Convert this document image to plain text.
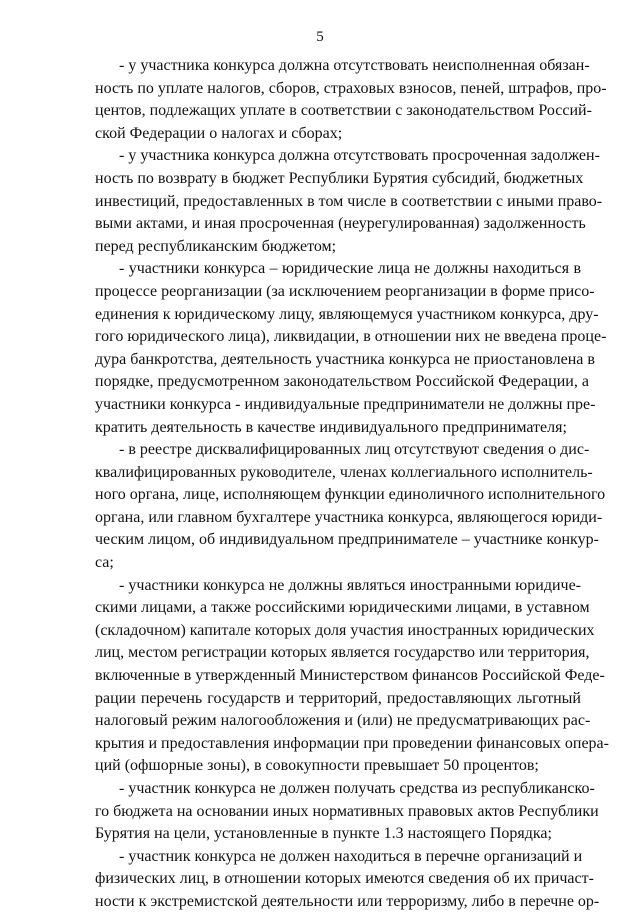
5
- у участника конкурса должна отсутствовать неисполненная обязан-
ность по уплате налогов, сборов, страховых взносов, пеней, штрафов, про-
центов, подлежащих уплате в соответствии с законодательством Россий-
ской Федерации о налогах и сборах;
- у участника конкурса должна отсутствовать просроченная задолжен-
ность по возврату в бюджет Республики Бурятия субсидий, бюджетных
инвестиций, предоставленных в том числе в соответствии с иными право-
выми актами, и иная просроченная (неурегулированная) задолженность
перед республиканским бюджетом;
- участники конкурса – юридические лица не должны находиться в
процессе реорганизации (за исключением реорганизации в форме присо-
единения к юридическому лицу, являющемуся участником конкурса, дру-
гого юридического лица), ликвидации, в отношении них не введена проце-
дура банкротства, деятельность участника конкурса не приостановлена в
порядке, предусмотренном законодательством Российской Федерации, а
участники конкурса - индивидуальные предприниматели не должны пре-
кратить деятельность в качестве индивидуального предпринимателя;
- в реестре дисквалифицированных лиц отсутствуют сведения о дис-
квалифицированных руководителе, членах коллегиального исполнитель-
ного органа, лице, исполняющем функции единоличного исполнительного
органа, или главном бухгалтере участника конкурса, являющегося юриди-
ческим лицом, об индивидуальном предпринимателе – участнике конкур-
са;
- участники конкурса не должны являться иностранными юридиче-
скими лицами, а также российскими юридическими лицами, в уставном
(складочном) капитале которых доля участия иностранных юридических
лиц, местом регистрации которых является государство или территория,
включенные в утвержденный Министерством финансов Российской Феде-
рации перечень государств и территорий, предоставляющих льготный
налоговый режим налогообложения и (или) не предусматривающих рас-
крытия и предоставления информации при проведении финансовых опера-
ций (офшорные зоны), в совокупности превышает 50 процентов;
- участник конкурса не должен получать средства из республиканско-
го бюджета на основании иных нормативных правовых актов Республики
Бурятия на цели, установленные в пункте 1.3 настоящего Порядка;
- участник конкурса не должен находиться в перечне организаций и
физических лиц, в отношении которых имеются сведения об их причаст-
ности к экстремистской деятельности или терроризму, либо в перечне ор-
